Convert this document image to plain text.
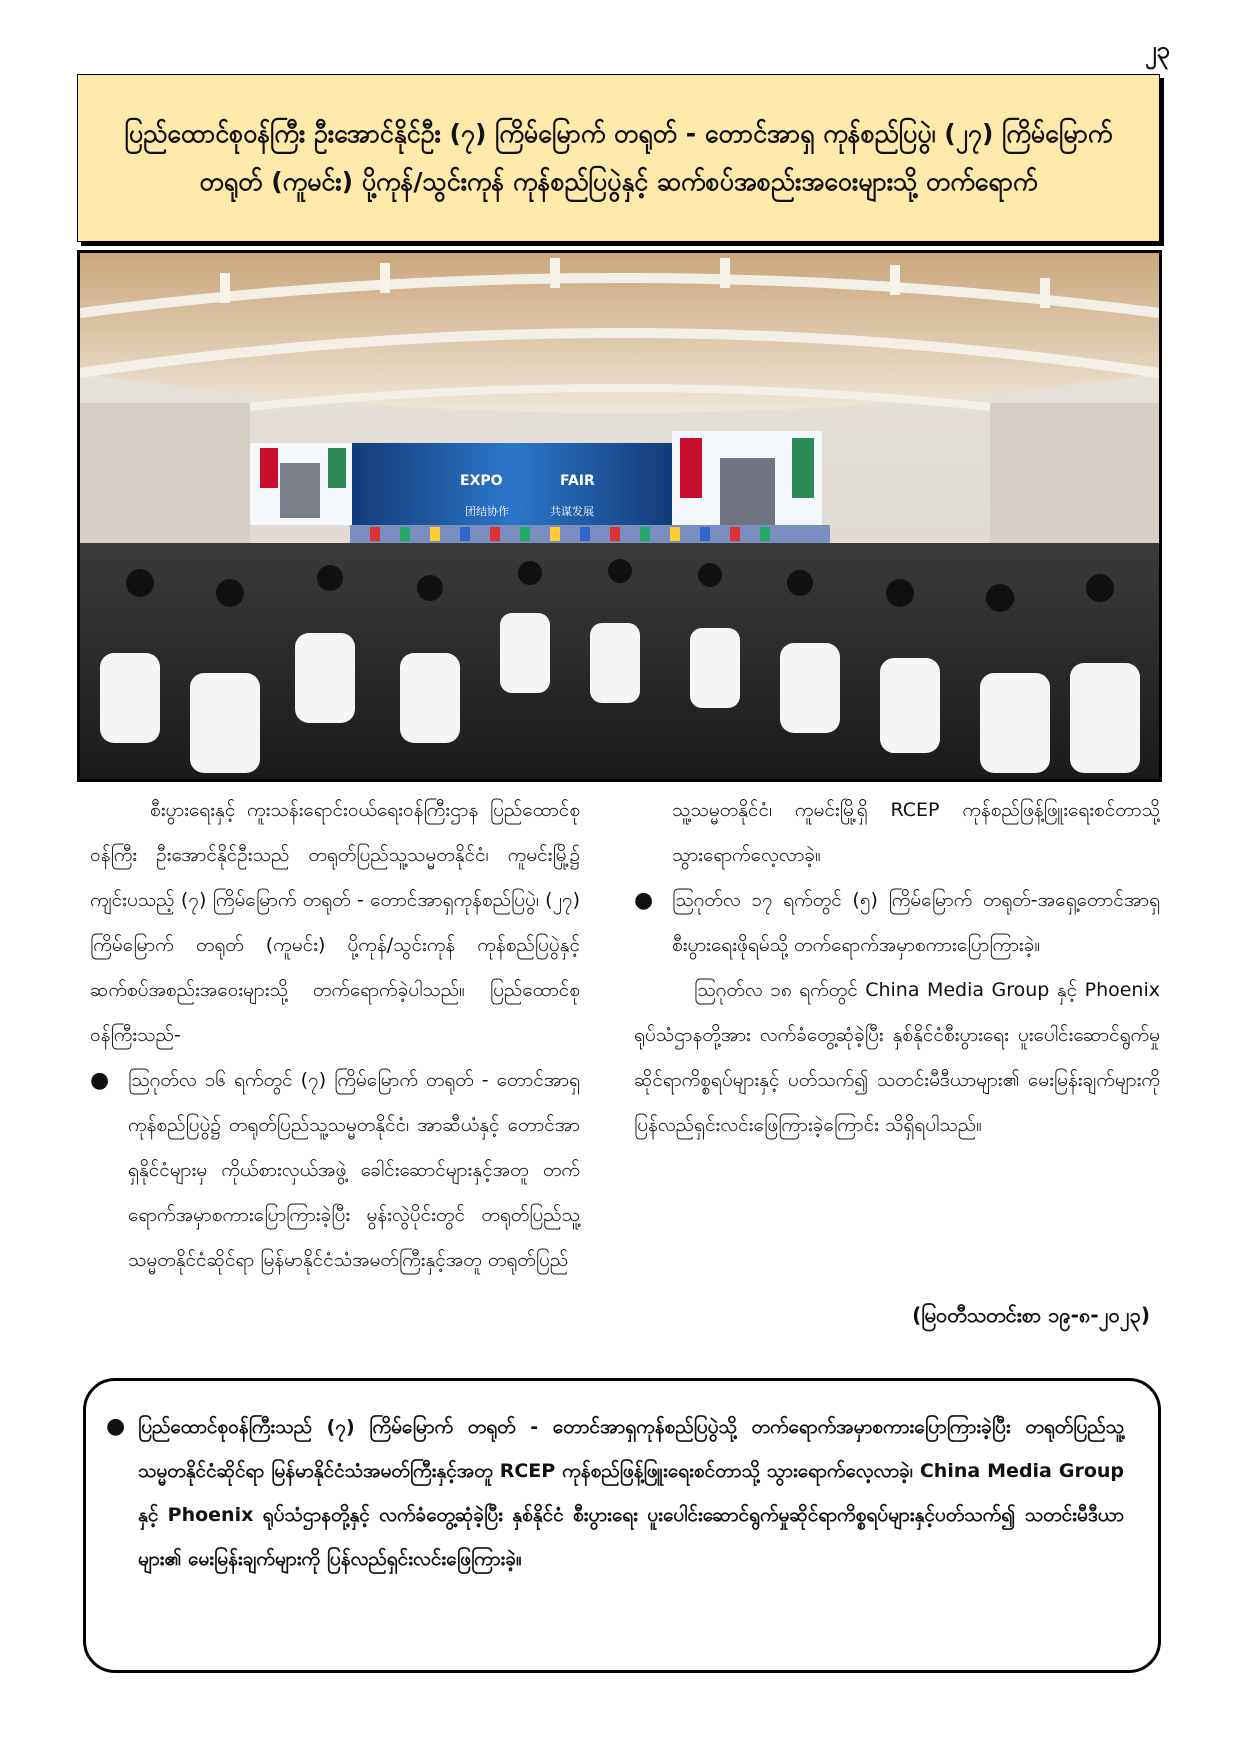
၂၃
ပြည်ထောင်စုဝန်ကြီး ဦးအောင်နိုင်ဦး (၇) ကြိမ်မြောက် တရုတ် - တောင်အာရှ ကုန်စည်ပြပွဲ၊ (၂၇) ကြိမ်မြောက် တရုတ် (ကူမင်း) ပို့ကုန်/သွင်းကုန် ကုန်စည်ပြပွဲနှင့် ဆက်စပ်အစည်းအဝေးများသို့ တက်ရောက်
EXPO	FAIR
团结协作	共谋发展

စီးပွားရေးနှင့် ကူးသန်းရောင်းဝယ်ရေးဝန်ကြီးဌာန ပြည်ထောင်စုဝန်ကြီး ဦးအောင်နိုင်ဦးသည် တရုတ်ပြည်သူ့သမ္မတနိုင်ငံ၊ ကူမင်းမြို့၌ ကျင်းပသည့် (၇) ကြိမ်မြောက် တရုတ် - တောင်အာရှကုန်စည်ပြပွဲ၊ (၂၇) ကြိမ်မြောက် တရုတ် (ကူမင်း) ပို့ကုန်/သွင်းကုန် ကုန်စည်ပြပွဲနှင့် ဆက်စပ်အစည်းအဝေးများသို့ တက်ရောက်ခဲ့ပါသည်။ ပြည်ထောင်စုဝန်ကြီးသည်-

● ဩဂုတ်လ ၁၆ ရက်တွင် (၇) ကြိမ်မြောက် တရုတ် - တောင်အာရှ ကုန်စည်ပြပွဲ၌ တရုတ်ပြည်သူ့သမ္မတနိုင်ငံ၊ အာဆီယံနှင့် တောင်အာရှနိုင်ငံများမှ ကိုယ်စားလှယ်အဖွဲ့ ခေါင်းဆောင်များနှင့်အတူ တက်ရောက်အမှာစကားပြောကြားခဲ့ပြီး မွန်းလွဲပိုင်းတွင် တရုတ်ပြည်သူ့သမ္မတနိုင်ငံဆိုင်ရာ မြန်မာနိုင်ငံသံအမတ်ကြီးနှင့်အတူ တရုတ်ပြည်

သူ့သမ္မတနိုင်ငံ၊ ကူမင်းမြို့ရှိ RCEP ကုန်စည်ဖြန့်ဖြူးရေးစင်တာသို့ သွားရောက်လေ့လာခဲ့။

● ဩဂုတ်လ ၁၇ ရက်တွင် (၅) ကြိမ်မြောက် တရုတ်-အရှေ့တောင်အာရှ စီးပွားရေးဖိုရမ်သို့ တက်ရောက်အမှာစကားပြောကြားခဲ့။

ဩဂုတ်လ ၁၈ ရက်တွင် China Media Group နှင့် Phoenix ရုပ်သံဌာနတို့အား လက်ခံတွေ့ဆုံခဲ့ပြီး နှစ်နိုင်ငံစီးပွားရေး ပူးပေါင်းဆောင်ရွက်မှုဆိုင်ရာကိစ္စရပ်များနှင့် ပတ်သက်၍ သတင်းမီဒီယာများ၏ မေးမြန်းချက်များကို ပြန်လည်ရှင်းလင်းဖြေကြားခဲ့ကြောင်း သိရှိရပါသည်။

(မြဝတီသတင်းစာ ၁၉-၈-၂၀၂၃)

● ပြည်ထောင်စုဝန်ကြီးသည် (၇) ကြိမ်မြောက် တရုတ် - တောင်အာရှကုန်စည်ပြပွဲသို့ တက်ရောက်အမှာစကားပြောကြားခဲ့ပြီး တရုတ်ပြည်သူ့သမ္မတနိုင်ငံဆိုင်ရာ မြန်မာနိုင်ငံသံအမတ်ကြီးနှင့်အတူ RCEP ကုန်စည်ဖြန့်ဖြူးရေးစင်တာသို့ သွားရောက်လေ့လာခဲ့၊ China Media Group နှင့် Phoenix ရုပ်သံဌာနတို့နှင့် လက်ခံတွေ့ဆုံခဲ့ပြီး နှစ်နိုင်ငံ စီးပွားရေး ပူးပေါင်းဆောင်ရွက်မှုဆိုင်ရာကိစ္စရပ်များနှင့်ပတ်သက်၍ သတင်းမီဒီယာများ၏ မေးမြန်းချက်များကို ပြန်လည်ရှင်းလင်းဖြေကြားခဲ့။
